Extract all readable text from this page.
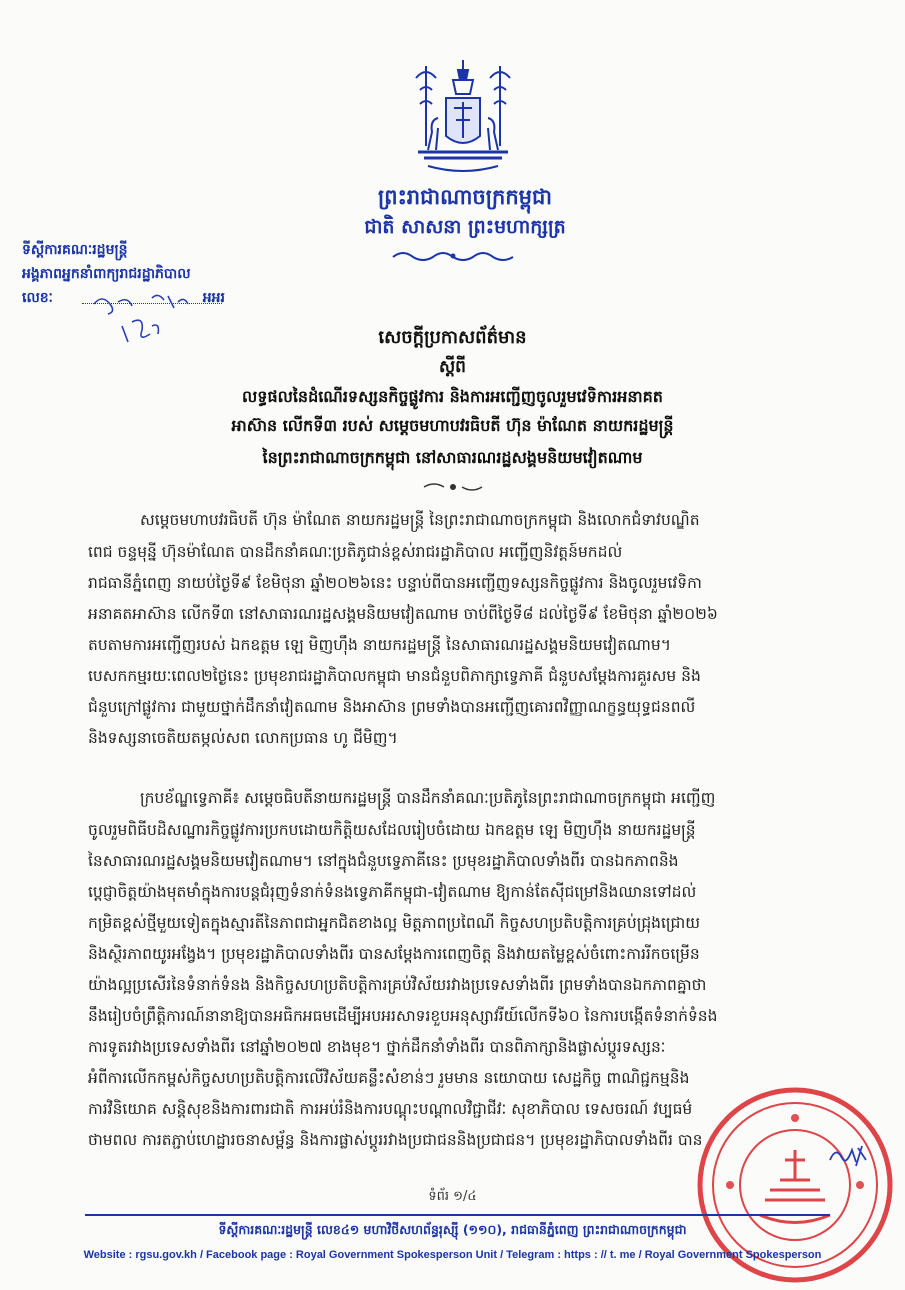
ព្រះរាជាណាចក្រកម្ពុជា
ជាតិ សាសនា ព្រះមហាក្សត្រ
ទីស្តីការគណៈរដ្ឋមន្ត្រី
អង្គភាពអ្នកនាំពាក្យរាជរដ្ឋាភិបាល
លេខៈ	អអរ
សេចក្តីប្រកាសព័ត៌មាន
ស្តីពី
លទ្ធផលនៃដំណើរទស្សនកិច្ចផ្លូវការ និងការអញ្ជើញចូលរួមវេទិការអនាគត
អាស៊ាន លើកទី៣ របស់ សម្តេចមហាបវរធិបតី ហ៊ុន ម៉ាណែត នាយករដ្ឋមន្ត្រី
នៃព្រះរាជាណាចក្រកម្ពុជា នៅសាធារណរដ្ឋសង្គមនិយមវៀតណាម
សម្តេចមហាបវរធិបតី ហ៊ុន ម៉ាណែត នាយករដ្ឋមន្ត្រី នៃព្រះរាជាណាចក្រកម្ពុជា និងលោកជំទាវបណ្ឌិត
ពេជ ចន្ទមុន្នី ហ៊ុនម៉ាណែត បានដឹកនាំគណៈប្រតិភូជាន់ខ្ពស់រាជរដ្ឋាភិបាល អញ្ជើញនិវត្តន៍មកដល់
រាជធានីភ្នំពេញ នាយប់ថ្ងៃទី៩ ខែមិថុនា ឆ្នាំ២០២៦នេះ បន្ទាប់ពីបានអញ្ជើញទស្សនកិច្ចផ្លូវការ និងចូលរួមវេទិកា
អនាគតអាស៊ាន លើកទី៣ នៅសាធារណរដ្ឋសង្គមនិយមវៀតណាម ចាប់ពីថ្ងៃទី៨ ដល់ថ្ងៃទី៩ ខែមិថុនា ឆ្នាំ២០២៦
តបតាមការអញ្ជើញរបស់ ឯកឧត្តម ឡេ មិញហ៊ឹង នាយករដ្ឋមន្ត្រី នៃសាធារណរដ្ឋសង្គមនិយមវៀតណាម។
បេសកកម្មរយៈពេល២ថ្ងៃនេះ ប្រមុខរាជរដ្ឋាភិបាលកម្ពុជា មានជំនួបពិភាក្សាទ្វេភាគី ជំនួបសម្តែងការគួរសម និង
ជំនួបក្រៅផ្លូវការ ជាមួយថ្នាក់ដឹកនាំវៀតណាម និងអាស៊ាន ព្រមទាំងបានអញ្ជើញគោរពវិញ្ញាណក្ខន្ធយុទ្ធជនពលី
និងទស្សនាចេតិយតម្កល់សព លោកប្រធាន ហូ ជីមិញ។
ក្របខ័ណ្ឌទ្វេភាគី៖ សម្តេចធិបតីនាយករដ្ឋមន្ត្រី បានដឹកនាំគណៈប្រតិភូនៃព្រះរាជាណាចក្រកម្ពុជា អញ្ជើញ
ចូលរួមពិធីបដិសណ្ឋារកិច្ចផ្លូវការប្រកបដោយកិត្តិយសដែលរៀបចំដោយ ឯកឧត្តម ឡេ មិញហ៊ឹង នាយករដ្ឋមន្ត្រី
នៃសាធារណរដ្ឋសង្គមនិយមវៀតណាម។ នៅក្នុងជំនួបទ្វេភាគីនេះ ប្រមុខរដ្ឋាភិបាលទាំងពីរ បានឯកភាពនិង
ប្តេជ្ញាចិត្តយ៉ាងមុតមាំក្នុងការបន្តជំរុញទំនាក់ទំនងទ្វេភាគីកម្ពុជា-វៀតណាម ឱ្យកាន់តែស៊ីជម្រៅនិងឈានទៅដល់
កម្រិតខ្ពស់ថ្មីមួយទៀតក្នុងស្មារតីនៃភាពជាអ្នកជិតខាងល្អ មិត្តភាពប្រពៃណី កិច្ចសហប្រតិបត្តិការគ្រប់ជ្រុងជ្រោយ
និងស្ថិរភាពយូរអង្វែង។ ប្រមុខរដ្ឋាភិបាលទាំងពីរ បានសម្តែងការពេញចិត្ត និងវាយតម្លៃខ្ពស់ចំពោះការរីកចម្រើន
យ៉ាងល្អប្រសើរនៃទំនាក់ទំនង និងកិច្ចសហប្រតិបត្តិការគ្រប់វិស័យរវាងប្រទេសទាំងពីរ ព្រមទាំងបានឯកភាពគ្នាថា
នឹងរៀបចំព្រឹត្តិការណ៍នានាឱ្យបានអធិកអធមដើម្បីអបអរសាទរខួបអនុស្សាវរីយ៍លើកទី៦០ នៃការបង្កើតទំនាក់ទំនង
ការទូតរវាងប្រទេសទាំងពីរ នៅឆ្នាំ២០២៧ ខាងមុខ។ ថ្នាក់ដឹកនាំទាំងពីរ បានពិភាក្សានិងផ្លាស់ប្តូរទស្សនៈ
អំពីការលើកកម្ពស់កិច្ចសហប្រតិបត្តិការលើវិស័យគន្លឹះសំខាន់ៗ រួមមាន នយោបាយ សេដ្ឋកិច្ច ពាណិជ្ជកម្មនិង
ការវិនិយោគ សន្តិសុខនិងការពារជាតិ ការអប់រំនិងការបណ្តុះបណ្តាលវិជ្ជាជីវៈ សុខាភិបាល ទេសចរណ៍ វប្បធម៌
ថាមពល ការតភ្ជាប់ហេដ្ឋារចនាសម្ព័ន្ធ និងការផ្លាស់ប្តូររវាងប្រជាជននិងប្រជាជន។ ប្រមុខរដ្ឋាភិបាលទាំងពីរ បាន
ទំព័រ ១/៤
ទីស្តីការគណៈរដ្ឋមន្ត្រី លេខ៤១ មហាវិថីសហព័ន្ធរុស្ស៊ី (១១០), រាជធានីភ្នំពេញ ព្រះរាជាណាចក្រកម្ពុជា
Website : rgsu.gov.kh / Facebook page : Royal Government Spokesperson Unit / Telegram : https : // t. me / Royal Government Spokesperson
